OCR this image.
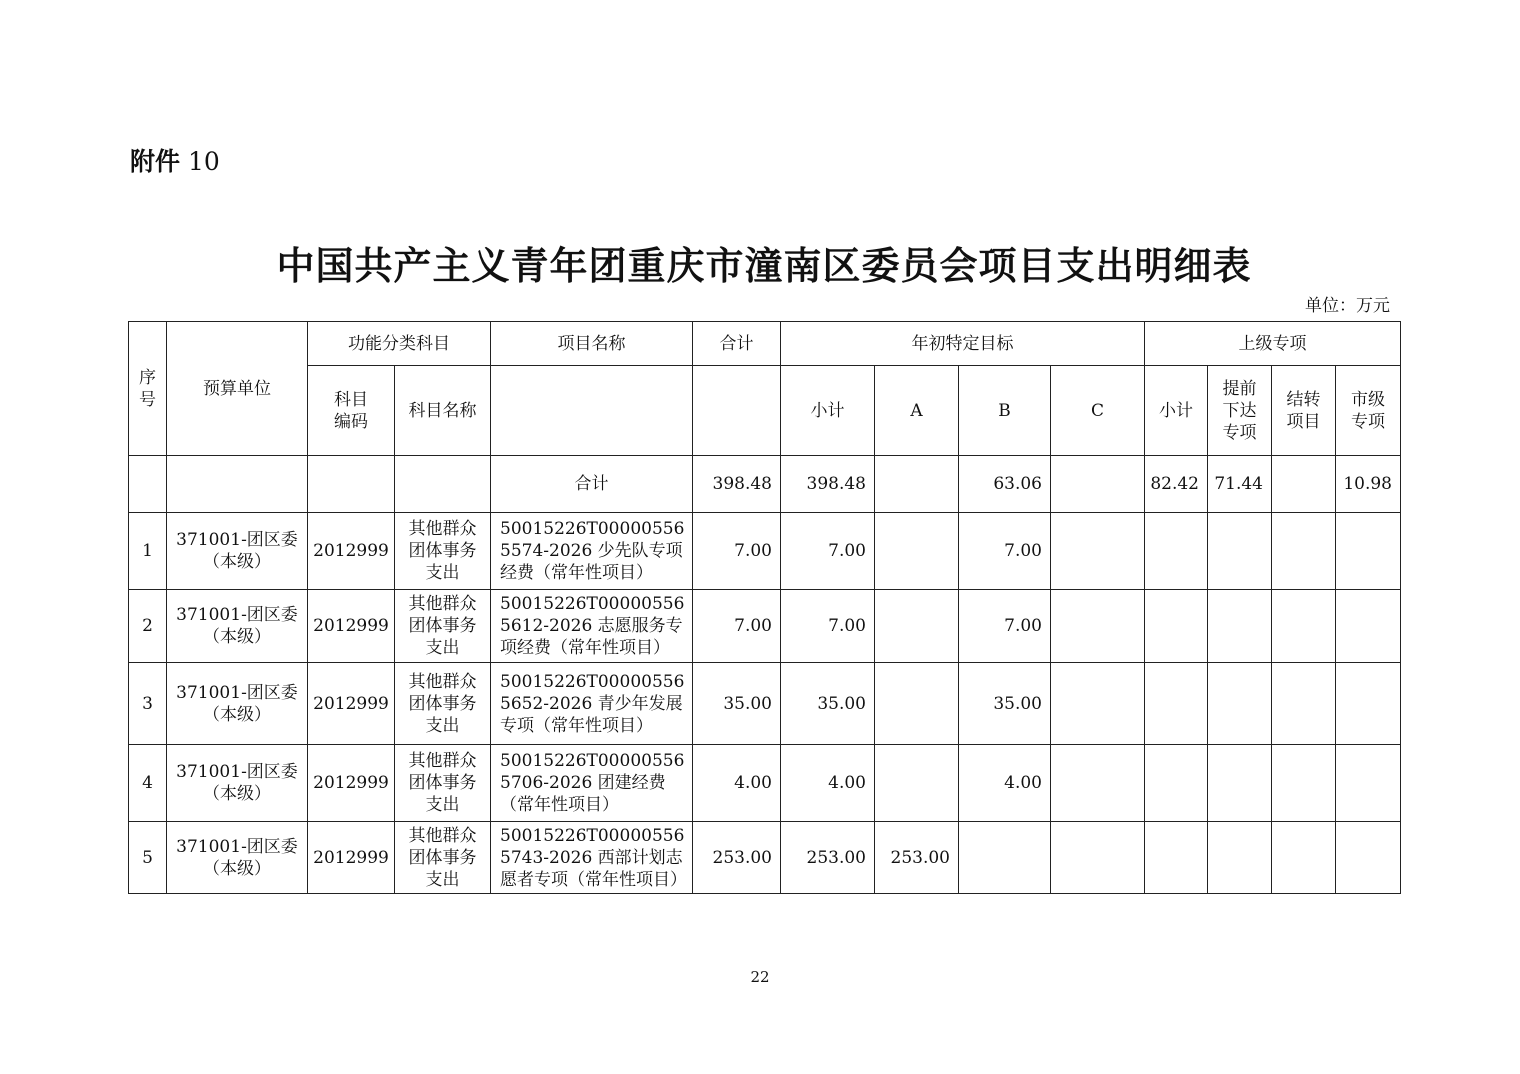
附件 10
中国共产主义青年团重庆市潼南区委员会项目支出明细表
单位：万元
序号	预算单位	功能分类科目		项目名称	合计	年初特定目标				上级专项			

		科目编码	科目名称			小计	A	B	C	小计	提前下达专项	结转项目	市级专项

				合计	398.48	398.48		63.06		82.42	71.44		10.98
1	371001-团区委（本级）	2012999	其他群众团体事务支出	50015226T000005565574-2026 少先队专项经费（常年性项目）	7.00	7.00		7.00					
2	371001-团区委（本级）	2012999	其他群众团体事务支出	50015226T000005565612-2026 志愿服务专项经费（常年性项目）	7.00	7.00		7.00					
3	371001-团区委（本级）	2012999	其他群众团体事务支出	50015226T000005565652-2026 青少年发展专项（常年性项目）	35.00	35.00		35.00					
4	371001-团区委（本级）	2012999	其他群众团体事务支出	50015226T000005565706-2026 团建经费（常年性项目）	4.00	4.00		4.00					
5	371001-团区委（本级）	2012999	其他群众团体事务支出	50015226T000005565743-2026 西部计划志愿者专项（常年性项目）	253.00	253.00	253.00						
22
